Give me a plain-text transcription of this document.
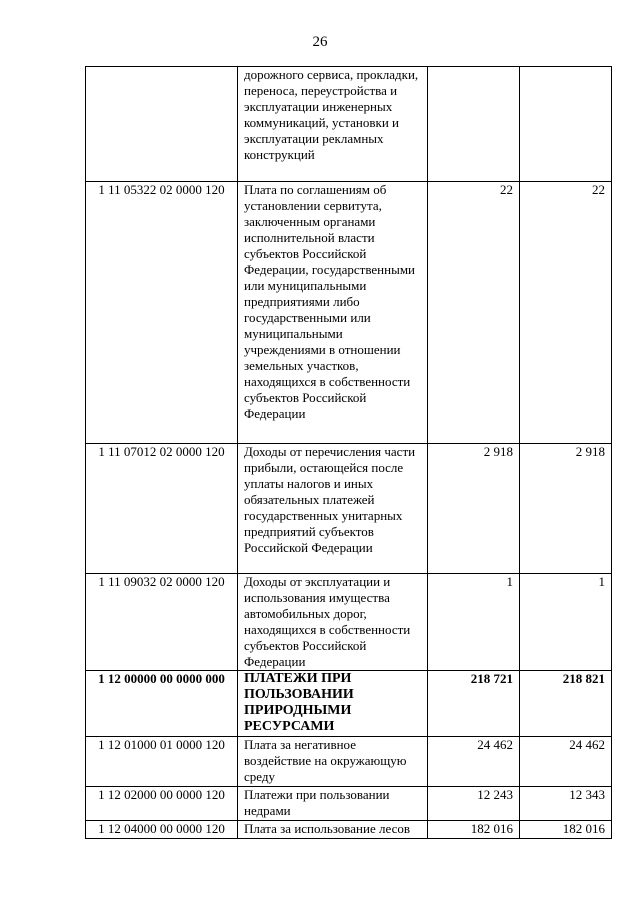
26
	дорожного сервиса, прокладки, переноса, переустройства и эксплуатации инженерных коммуникаций, установки и эксплуатации рекламных конструкций		
1 11 05322 02 0000 120	Плата по соглашениям об установлении сервитута, заключенным органами исполнительной власти субъектов Российской Федерации, государственными или муниципальными предприятиями либо государственными или муниципальными учреждениями в отношении земельных участков, находящихся в собственности субъектов Российской Федерации	22	22
1 11 07012 02 0000 120	Доходы от перечисления части прибыли, остающейся после уплаты налогов и иных обязательных платежей государственных унитарных предприятий субъектов Российской Федерации	2 918	2 918
1 11 09032 02 0000 120	Доходы от эксплуатации и использования имущества автомобильных дорог, находящихся в собственности субъектов Российской Федерации	1	1
1 12 00000 00 0000 000	ПЛАТЕЖИ ПРИ ПОЛЬЗОВАНИИ ПРИРОДНЫМИ РЕСУРСАМИ	218 721	218 821
1 12 01000 01 0000 120	Плата за негативное воздействие на окружающую среду	24 462	24 462
1 12 02000 00 0000 120	Платежи при пользовании недрами	12 243	12 343
1 12 04000 00 0000 120	Плата за использование лесов	182 016	182 016
